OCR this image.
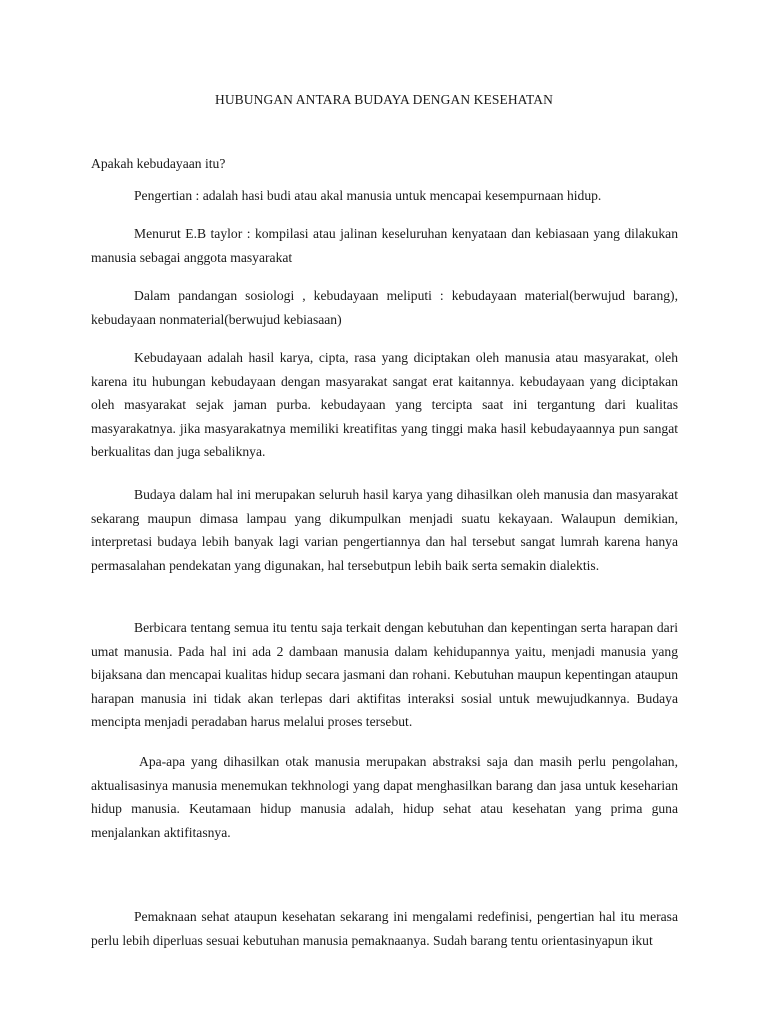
HUBUNGAN ANTARA BUDAYA DENGAN KESEHATAN

Apakah kebudayaan itu?

Pengertian : adalah hasi budi atau akal manusia untuk mencapai kesempurnaan hidup.

Menurut E.B taylor : kompilasi atau jalinan keseluruhan kenyataan dan kebiasaan yang dilakukan manusia sebagai anggota masyarakat

Dalam pandangan sosiologi , kebudayaan meliputi : kebudayaan material(berwujud barang), kebudayaan nonmaterial(berwujud kebiasaan)

Kebudayaan adalah hasil karya, cipta, rasa yang diciptakan oleh manusia atau masyarakat, oleh karena itu hubungan kebudayaan dengan masyarakat sangat erat kaitannya. kebudayaan yang diciptakan oleh masyarakat sejak jaman purba. kebudayaan yang tercipta saat ini tergantung dari kualitas masyarakatnya. jika masyarakatnya memiliki kreatifitas yang tinggi maka hasil kebudayaannya pun sangat berkualitas dan juga sebaliknya.

Budaya dalam hal ini merupakan seluruh hasil karya yang dihasilkan oleh manusia dan masyarakat sekarang maupun dimasa lampau yang dikumpulkan menjadi suatu kekayaan. Walaupun demikian, interpretasi budaya lebih banyak lagi varian pengertiannya dan hal tersebut sangat lumrah karena hanya permasalahan pendekatan yang digunakan, hal tersebutpun lebih baik serta semakin dialektis.

Berbicara tentang semua itu tentu saja terkait dengan kebutuhan dan kepentingan serta harapan dari umat manusia. Pada hal ini ada 2 dambaan manusia dalam kehidupannya yaitu, menjadi manusia yang bijaksana dan mencapai kualitas hidup secara jasmani dan rohani. Kebutuhan maupun kepentingan ataupun harapan manusia ini tidak akan terlepas dari aktifitas interaksi sosial untuk mewujudkannya. Budaya mencipta menjadi peradaban harus melalui proses tersebut.

Apa-apa yang dihasilkan otak manusia merupakan abstraksi saja dan masih perlu pengolahan, aktualisasinya manusia menemukan tekhnologi yang dapat menghasilkan barang dan jasa untuk keseharian hidup manusia. Keutamaan hidup manusia adalah, hidup sehat atau kesehatan yang prima guna menjalankan aktifitasnya.

Pemaknaan sehat ataupun kesehatan sekarang ini mengalami redefinisi, pengertian hal itu merasa perlu lebih diperluas sesuai kebutuhan manusia pemaknaanya. Sudah barang tentu orientasinyapun ikut
